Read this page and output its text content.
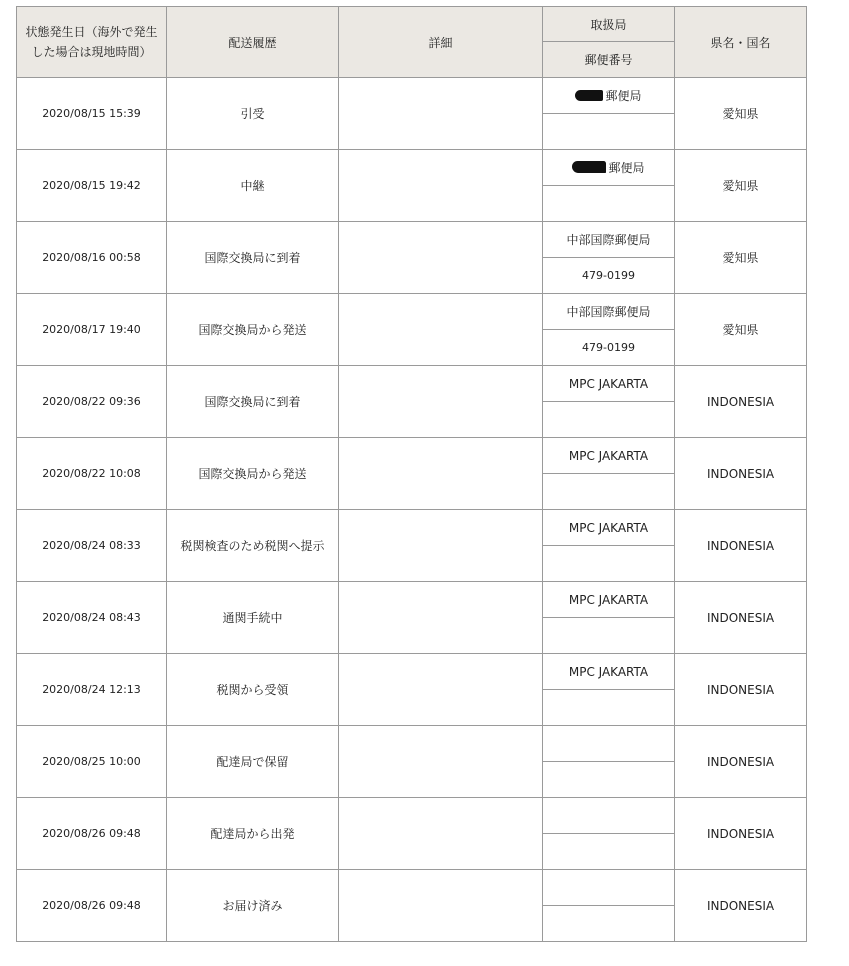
状態発生日（海外で発生した場合は現地時間）	配送履歴	詳細	取扱局	県名・国名
			郵便番号	
2020/08/15 15:39	引受		郵便局	愛知県

2020/08/15 19:42	中継		郵便局	愛知県

2020/08/16 00:58	国際交換局に到着		中部国際郵便局	愛知県
			479-0199	
2020/08/17 19:40	国際交換局から発送		中部国際郵便局	愛知県
			479-0199	
2020/08/22 09:36	国際交換局に到着		MPC JAKARTA	INDONESIA

2020/08/22 10:08	国際交換局から発送		MPC JAKARTA	INDONESIA

2020/08/24 08:33	税関検査のため税関へ提示		MPC JAKARTA	INDONESIA

2020/08/24 08:43	通関手続中		MPC JAKARTA	INDONESIA

2020/08/24 12:13	税関から受領		MPC JAKARTA	INDONESIA

2020/08/25 10:00	配達局で保留			INDONESIA

2020/08/26 09:48	配達局から出発			INDONESIA

2020/08/26 09:48	お届け済み			INDONESIA
